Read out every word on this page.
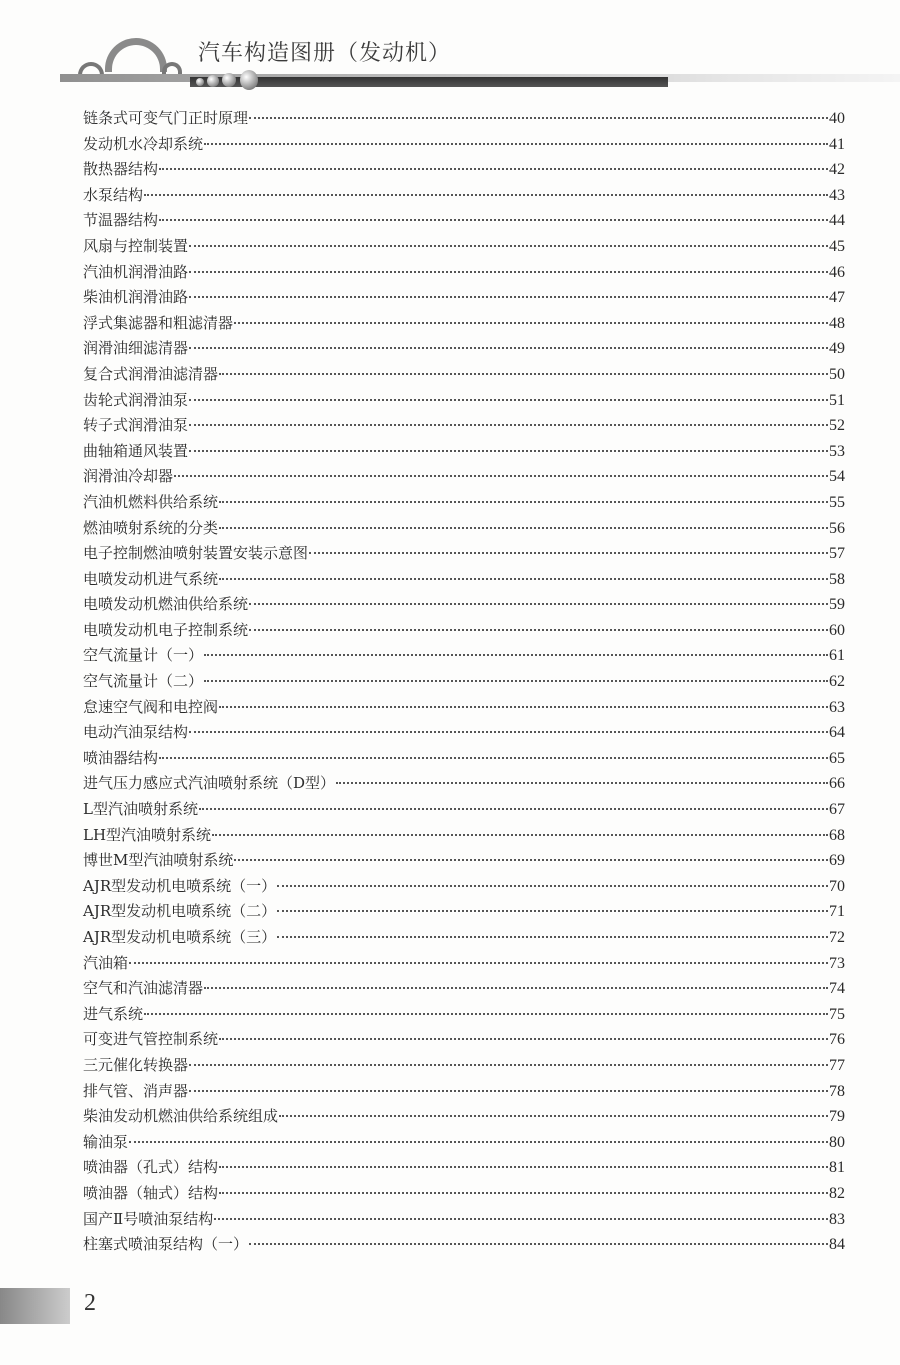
汽车构造图册（发动机）
链条式可变气门正时原理	40
发动机水冷却系统	41
散热器结构	42
水泵结构	43
节温器结构	44
风扇与控制装置	45
汽油机润滑油路	46
柴油机润滑油路	47
浮式集滤器和粗滤清器	48
润滑油细滤清器	49
复合式润滑油滤清器	50
齿轮式润滑油泵	51
转子式润滑油泵	52
曲轴箱通风装置	53
润滑油冷却器	54
汽油机燃料供给系统	55
燃油喷射系统的分类	56
电子控制燃油喷射装置安装示意图	57
电喷发动机进气系统	58
电喷发动机燃油供给系统	59
电喷发动机电子控制系统	60
空气流量计（一）	61
空气流量计（二）	62
怠速空气阀和电控阀	63
电动汽油泵结构	64
喷油器结构	65
进气压力感应式汽油喷射系统（D型）	66
L型汽油喷射系统	67
LH型汽油喷射系统	68
博世M型汽油喷射系统	69
AJR型发动机电喷系统（一）	70
AJR型发动机电喷系统（二）	71
AJR型发动机电喷系统（三）	72
汽油箱	73
空气和汽油滤清器	74
进气系统	75
可变进气管控制系统	76
三元催化转换器	77
排气管、消声器	78
柴油发动机燃油供给系统组成	79
输油泵	80
喷油器（孔式）结构	81
喷油器（轴式）结构	82
国产Ⅱ号喷油泵结构	83
柱塞式喷油泵结构（一）	84
2
